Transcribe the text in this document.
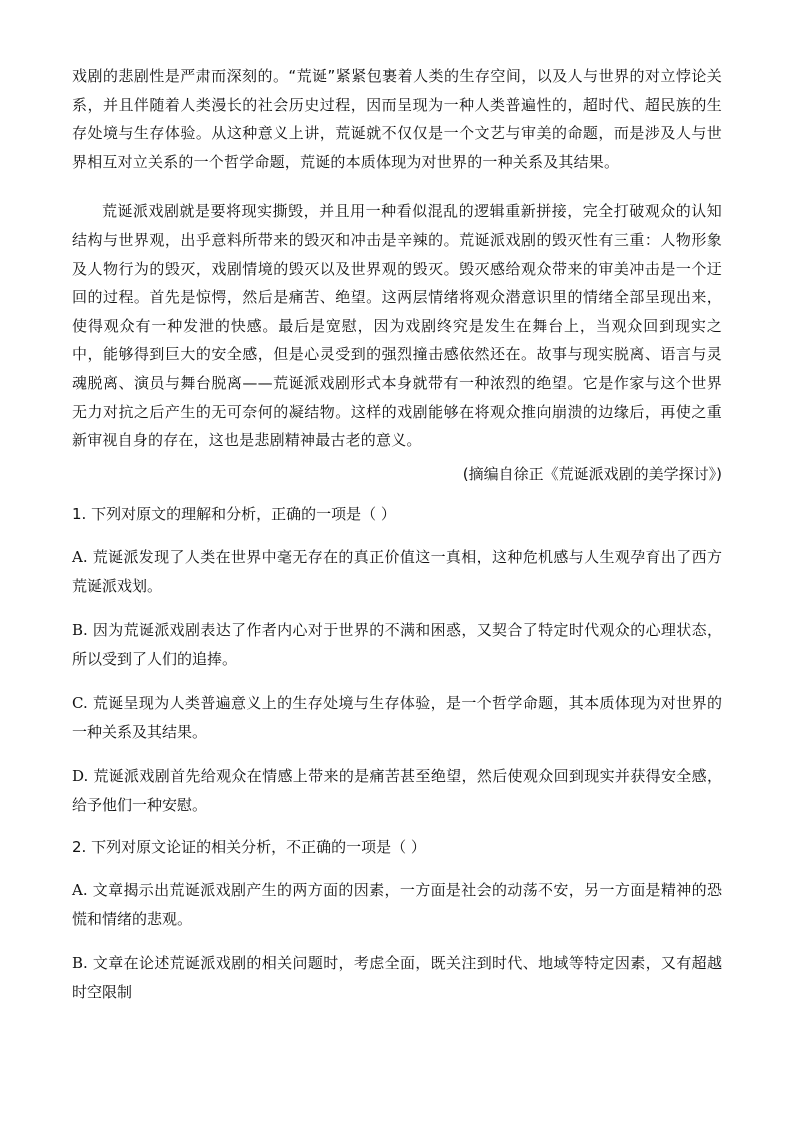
戏剧的悲剧性是严肃而深刻的。“荒诞”紧紧包裹着人类的生存空间，以及人与世界的对立悖论关系，并且伴随着人类漫长的社会历史过程，因而呈现为一种人类普遍性的，超时代、超民族的生存处境与生存体验。从这种意义上讲，荒诞就不仅仅是一个文艺与审美的命题，而是涉及人与世界相互对立关系的一个哲学命题，荒诞的本质体现为对世界的一种关系及其结果。

荒诞派戏剧就是要将现实撕毁，并且用一种看似混乱的逻辑重新拼接，完全打破观众的认知结构与世界观，出乎意料所带来的毁灭和冲击是辛辣的。荒诞派戏剧的毁灭性有三重：人物形象及人物行为的毁灭，戏剧情境的毁灭以及世界观的毁灭。毁灭感给观众带来的审美冲击是一个迂回的过程。首先是惊愕，然后是痛苦、绝望。这两层情绪将观众潜意识里的情绪全部呈现出来，使得观众有一种发泄的快感。最后是宽慰，因为戏剧终究是发生在舞台上，当观众回到现实之中，能够得到巨大的安全感，但是心灵受到的强烈撞击感依然还在。故事与现实脱离、语言与灵魂脱离、演员与舞台脱离——荒诞派戏剧形式本身就带有一种浓烈的绝望。它是作家与这个世界无力对抗之后产生的无可奈何的凝结物。这样的戏剧能够在将观众推向崩溃的边缘后，再使之重新审视自身的存在，这也是悲剧精神最古老的意义。

(摘编自徐正《荒诞派戏剧的美学探讨》)

1. 下列对原文的理解和分析，正确的一项是（ ）

A. 荒诞派发现了人类在世界中毫无存在的真正价值这一真相，这种危机感与人生观孕育出了西方荒诞派戏划。

B. 因为荒诞派戏剧表达了作者内心对于世界的不满和困惑，又契合了特定时代观众的心理状态，所以受到了人们的追捧。

C. 荒诞呈现为人类普遍意义上的生存处境与生存体验，是一个哲学命题，其本质体现为对世界的一种关系及其结果。

D. 荒诞派戏剧首先给观众在情感上带来的是痛苦甚至绝望，然后使观众回到现实并获得安全感，给予他们一种安慰。

2. 下列对原文论证的相关分析，不正确的一项是（ ）

A. 文章揭示出荒诞派戏剧产生的两方面的因素，一方面是社会的动荡不安，另一方面是精神的恐慌和情绪的悲观。

B. 文章在论述荒诞派戏剧的相关问题时，考虑全面，既关注到时代、地域等特定因素，又有超越时空限制
